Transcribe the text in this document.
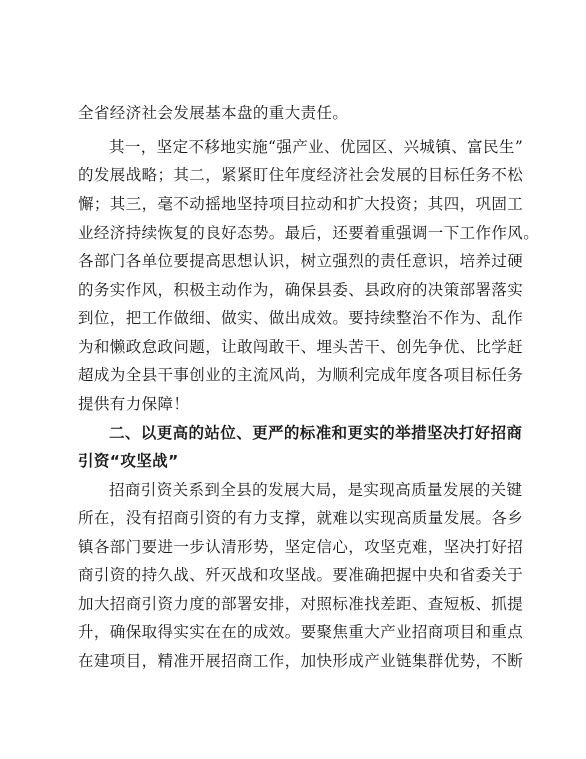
全省经济社会发展基本盘的重大责任。
其一，坚定不移地实施“强产业、优园区、兴城镇、富民生”
的发展战略；其二，紧紧盯住年度经济社会发展的目标任务不松
懈；其三，毫不动摇地坚持项目拉动和扩大投资；其四，巩固工
业经济持续恢复的良好态势。最后，还要着重强调一下工作作风。
各部门各单位要提高思想认识，树立强烈的责任意识，培养过硬
的务实作风，积极主动作为，确保县委、县政府的决策部署落实
到位，把工作做细、做实、做出成效。要持续整治不作为、乱作
为和懒政怠政问题，让敢闯敢干、埋头苦干、创先争优、比学赶
超成为全县干事创业的主流风尚，为顺利完成年度各项目标任务
提供有力保障！
二、以更高的站位、更严的标准和更实的举措坚决打好招商
引资“攻坚战”
招商引资关系到全县的发展大局，是实现高质量发展的关键
所在，没有招商引资的有力支撑，就难以实现高质量发展。各乡
镇各部门要进一步认清形势，坚定信心，攻坚克难，坚决打好招
商引资的持久战、歼灭战和攻坚战。要准确把握中央和省委关于
加大招商引资力度的部署安排，对照标准找差距、查短板、抓提
升，确保取得实实在在的成效。要聚焦重大产业招商项目和重点
在建项目，精准开展招商工作，加快形成产业链集群优势，不断
